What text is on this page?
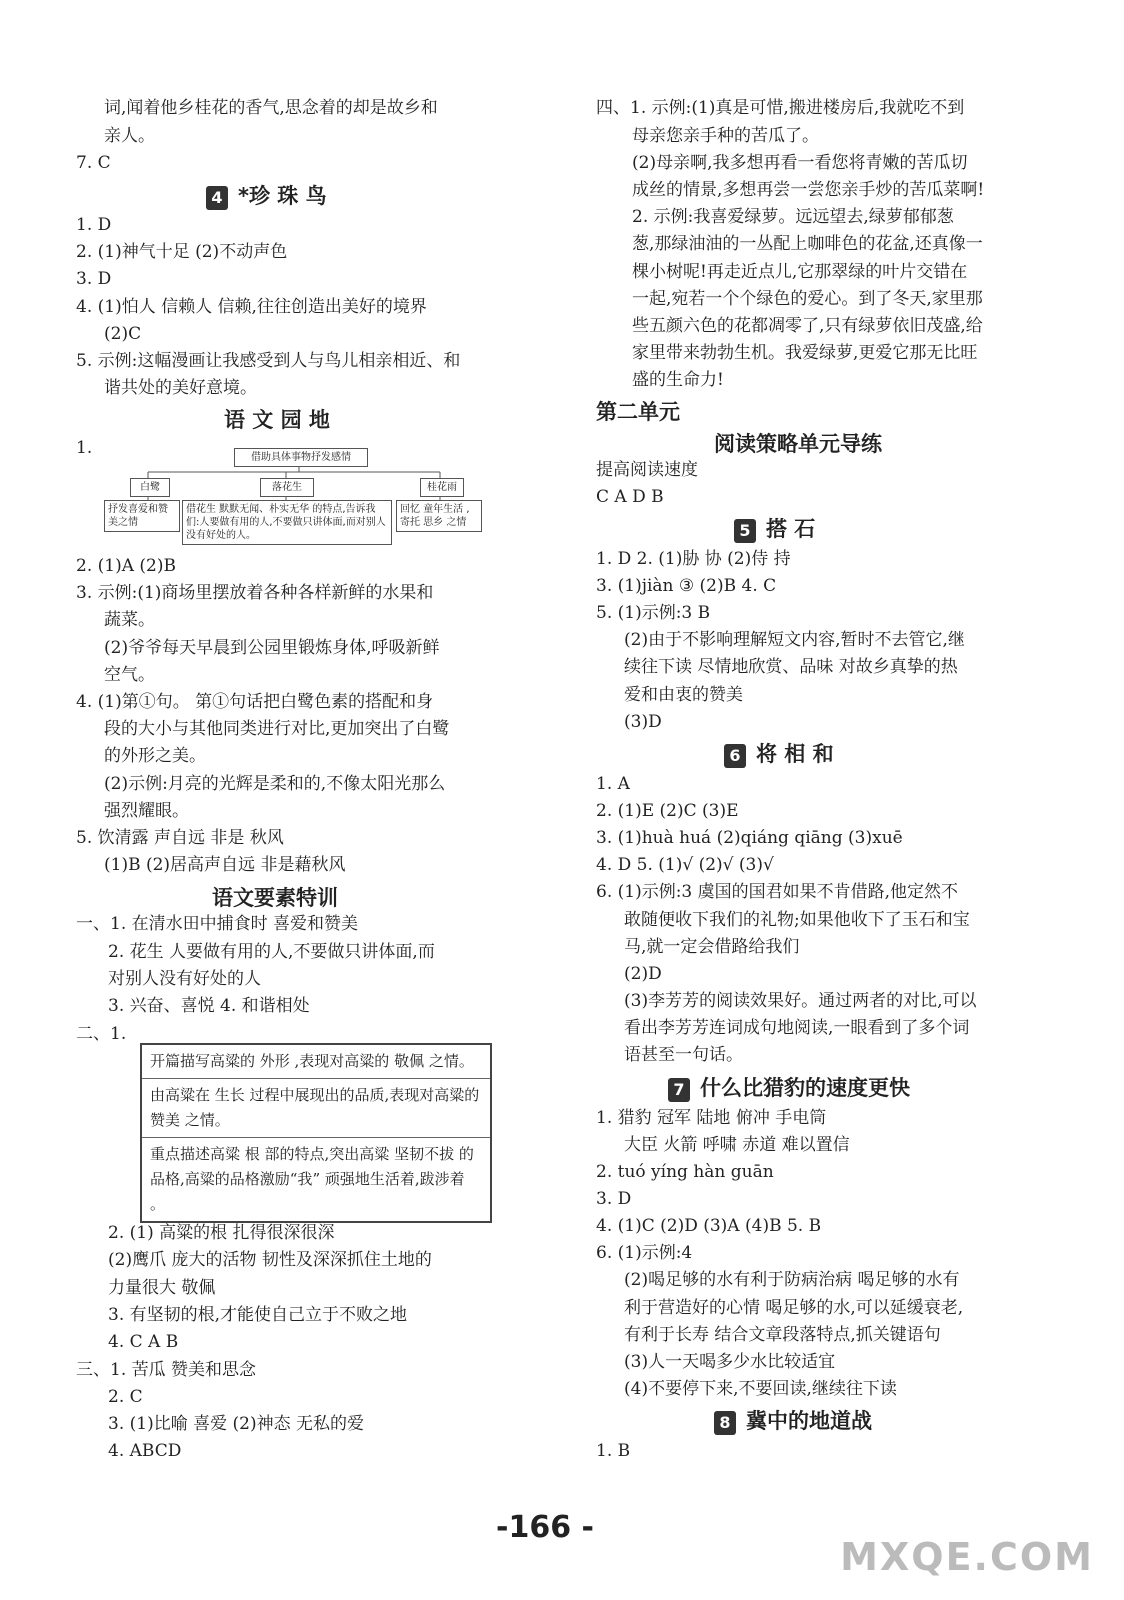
词,闻着他乡桂花的香气,思念着的却是故乡和
亲人。
7. C
4 *珍 珠 鸟
1. D
2. (1)神气十足 (2)不动声色
3. D
4. (1)怕人 信赖人 信赖,往往创造出美好的境界
(2)C
5. 示例:这幅漫画让我感受到人与鸟儿相亲相近、和
谐共处的美好意境。
语 文 园 地
1.	借助具体事物抒发感情
白鹭	落花生	桂花雨
抒发喜爱和赞美之情
借花生 默默无闻、朴实无华 的特点,告诉我们:人要做有用的人,不要做只讲体面,而对别人没有好处的人。
回忆 童年生活 ,寄托 思乡 之情
2. (1)A (2)B
3. 示例:(1)商场里摆放着各种各样新鲜的水果和
蔬菜。
(2)爷爷每天早晨到公园里锻炼身体,呼吸新鲜
空气。
4. (1)第①句。 第①句话把白鹭色素的搭配和身
段的大小与其他同类进行对比,更加突出了白鹭
的外形之美。
(2)示例:月亮的光辉是柔和的,不像太阳光那么
强烈耀眼。
5. 饮清露 声自远 非是 秋风
(1)B (2)居高声自远 非是藉秋风
语文要素特训
一、1. 在清水田中捕食时 喜爱和赞美
2. 花生 人要做有用的人,不要做只讲体面,而
对别人没有好处的人
3. 兴奋、喜悦 4. 和谐相处
二、1.
开篇描写高粱的 外形 ,表现对高粱的 敬佩 之情。
由高粱在 生长 过程中展现出的品质,表现对高粱的 赞美 之情。
重点描述高粱 根 部的特点,突出高粱 坚韧不拔 的品格,高粱的品格激励“我” 顽强地生活着,跋涉着 。
2. (1) 高粱的根 扎得很深很深
(2)鹰爪 庞大的活物 韧性及深深抓住土地的
力量很大 敬佩
3. 有坚韧的根,才能使自己立于不败之地
4. C A B
三、1. 苦瓜 赞美和思念
2. C
3. (1)比喻 喜爱 (2)神态 无私的爱
4. ABCD
四、1. 示例:(1)真是可惜,搬进楼房后,我就吃不到
母亲您亲手种的苦瓜了。
(2)母亲啊,我多想再看一看您将青嫩的苦瓜切
成丝的情景,多想再尝一尝您亲手炒的苦瓜菜啊!
2. 示例:我喜爱绿萝。远远望去,绿萝郁郁葱
葱,那绿油油的一丛配上咖啡色的花盆,还真像一
棵小树呢!再走近点儿,它那翠绿的叶片交错在
一起,宛若一个个绿色的爱心。到了冬天,家里那
些五颜六色的花都凋零了,只有绿萝依旧茂盛,给
家里带来勃勃生机。我爱绿萝,更爱它那无比旺
盛的生命力!
第二单元
阅读策略单元导练
提高阅读速度
C A D B
5 搭 石
1. D 2. (1)胁 协 (2)侍 持
3. (1)jiàn ③ (2)B 4. C
5. (1)示例:3 B
(2)由于不影响理解短文内容,暂时不去管它,继
续往下读 尽情地欣赏、品味 对故乡真挚的热
爱和由衷的赞美
(3)D
6 将 相 和
1. A
2. (1)E (2)C (3)E
3. (1)huà huá (2)qiáng qiāng (3)xuē
4. D 5. (1)√ (2)√ (3)√
6. (1)示例:3 虞国的国君如果不肯借路,他定然不
敢随便收下我们的礼物;如果他收下了玉石和宝
马,就一定会借路给我们
(2)D
(3)李芳芳的阅读效果好。通过两者的对比,可以
看出李芳芳连词成句地阅读,一眼看到了多个词
语甚至一句话。
7 什么比猎豹的速度更快
1. 猎豹 冠军 陆地 俯冲 手电筒
大臣 火箭 呼啸 赤道 难以置信
2. tuó yíng hàn guān
3. D
4. (1)C (2)D (3)A (4)B 5. B
6. (1)示例:4
(2)喝足够的水有利于防病治病 喝足够的水有
利于营造好的心情 喝足够的水,可以延缓衰老,
有利于长寿 结合文章段落特点,抓关键语句
(3)人一天喝多少水比较适宜
(4)不要停下来,不要回读,继续往下读
8 冀中的地道战
1. B
-166 -
MXQE.COM
